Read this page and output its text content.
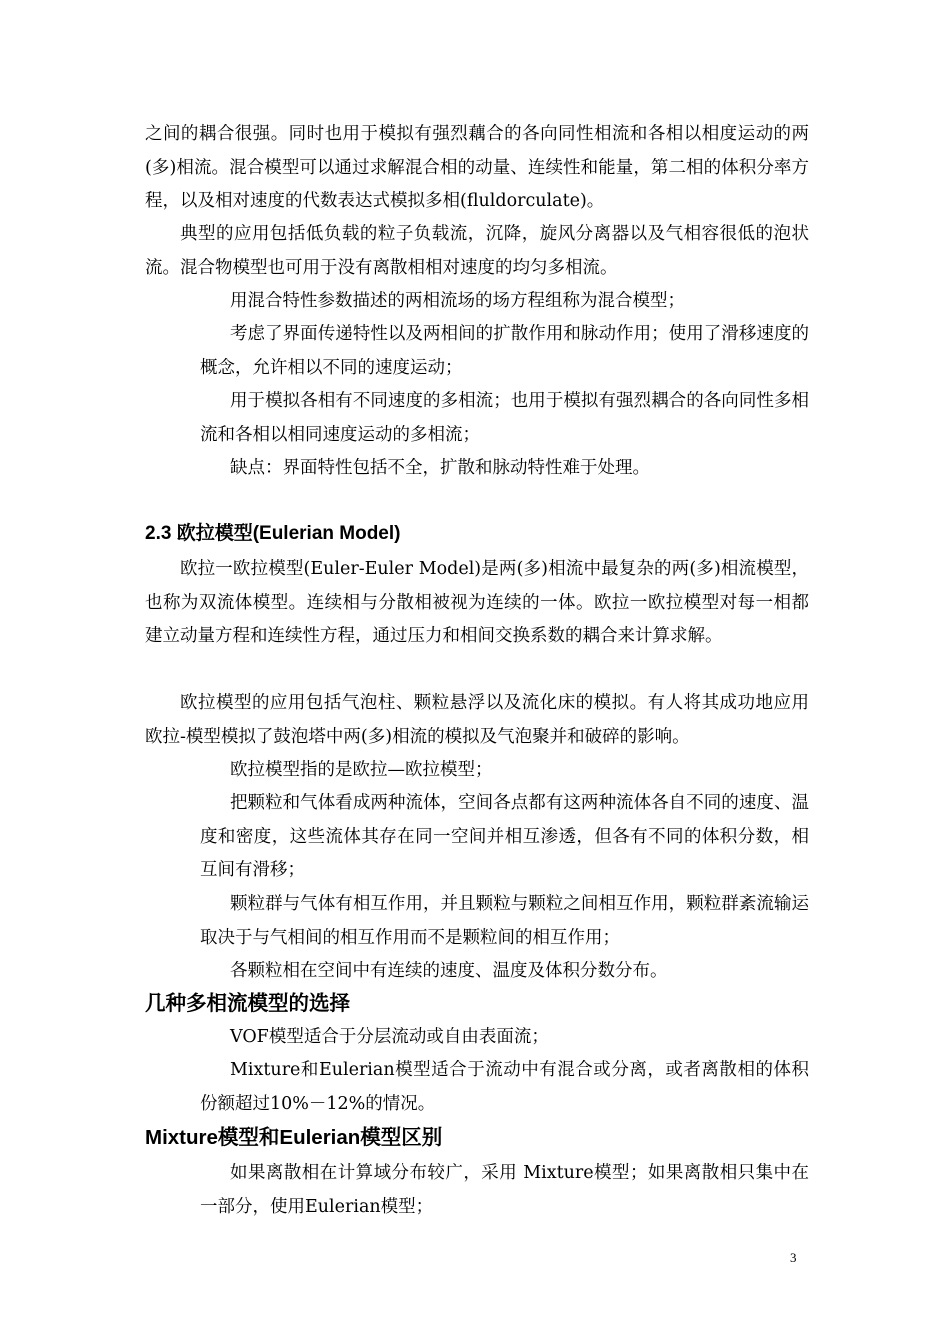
之间的耦合很强。同时也用于模拟有强烈藕合的各向同性相流和各相以相度运动的两(多)相流。混合模型可以通过求解混合相的动量、连续性和能量，第二相的体积分率方程，以及相对速度的代数表达式模拟多相(fluldorculate)。

典型的应用包括低负载的粒子负载流，沉降，旋风分离器以及气相容很低的泡状流。混合物模型也可用于没有离散相相对速度的均匀多相流。

用混合特性参数描述的两相流场的场方程组称为混合模型；

考虑了界面传递特性以及两相间的扩散作用和脉动作用；使用了滑移速度的概念，允许相以不同的速度运动；

用于模拟各相有不同速度的多相流；也用于模拟有强烈耦合的各向同性多相流和各相以相同速度运动的多相流；

缺点：界面特性包括不全，扩散和脉动特性难于处理。

2.3 欧拉模型(Eulerian Model)

欧拉一欧拉模型(Euler-Euler Model)是两(多)相流中最复杂的两(多)相流模型，也称为双流体模型。连续相与分散相被视为连续的一体。欧拉一欧拉模型对每一相都建立动量方程和连续性方程，通过压力和相间交换系数的耦合来计算求解。

欧拉模型的应用包括气泡柱、颗粒悬浮以及流化床的模拟。有人将其成功地应用欧拉-模型模拟了鼓泡塔中两(多)相流的模拟及气泡聚并和破碎的影响。

欧拉模型指的是欧拉—欧拉模型；

把颗粒和气体看成两种流体，空间各点都有这两种流体各自不同的速度、温度和密度，这些流体其存在同一空间并相互渗透，但各有不同的体积分数，相互间有滑移；

颗粒群与气体有相互作用，并且颗粒与颗粒之间相互作用，颗粒群紊流输运取决于与气相间的相互作用而不是颗粒间的相互作用；

各颗粒相在空间中有连续的速度、温度及体积分数分布。

几种多相流模型的选择

VOF模型适合于分层流动或自由表面流；

Mixture和Eulerian模型适合于流动中有混合或分离，或者离散相的体积份额超过10%－12%的情况。

Mixture模型和Eulerian模型区别

如果离散相在计算域分布较广，采用 Mixture模型；如果离散相只集中在一部分，使用Eulerian模型；

3
